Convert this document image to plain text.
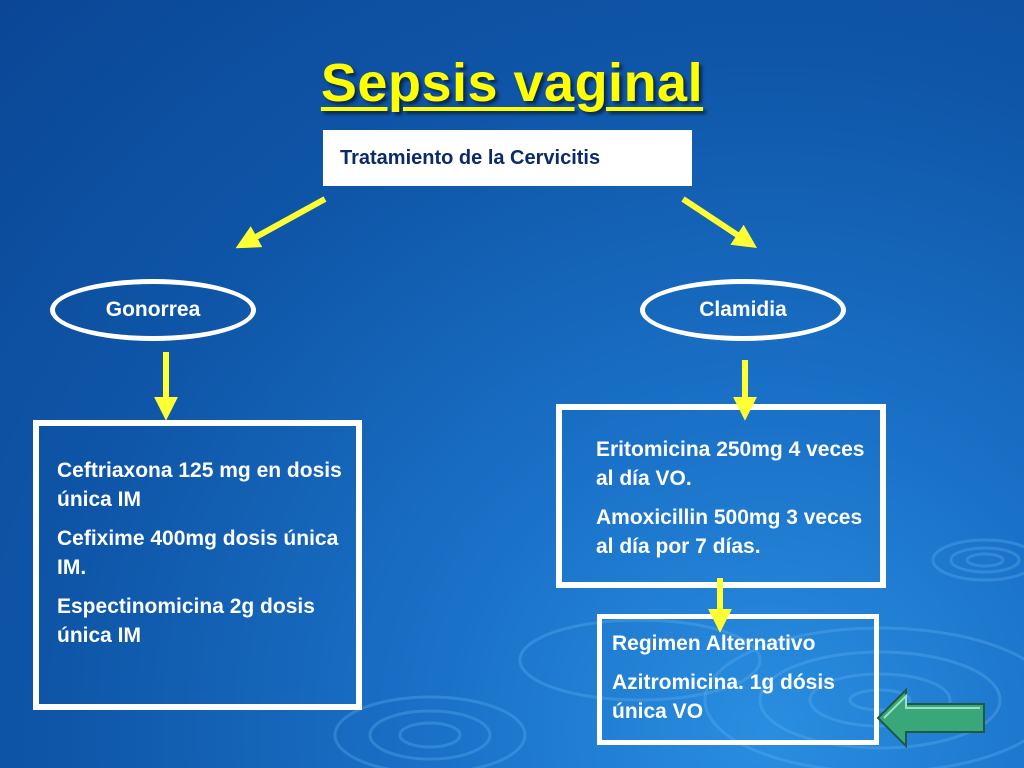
Sepsis vaginal
Tratamiento de la Cervicitis
Gonorrea	Clamidia

Ceftriaxona 125 mg en dosis única IM

Cefixime 400mg dosis única IM.

Espectinomicina 2g dosis única IM

Eritomicina 250mg 4 veces al día VO.

Amoxicillin 500mg 3 veces al día por 7 días.

Regimen Alternativo

Azitromicina. 1g dósis única VO
